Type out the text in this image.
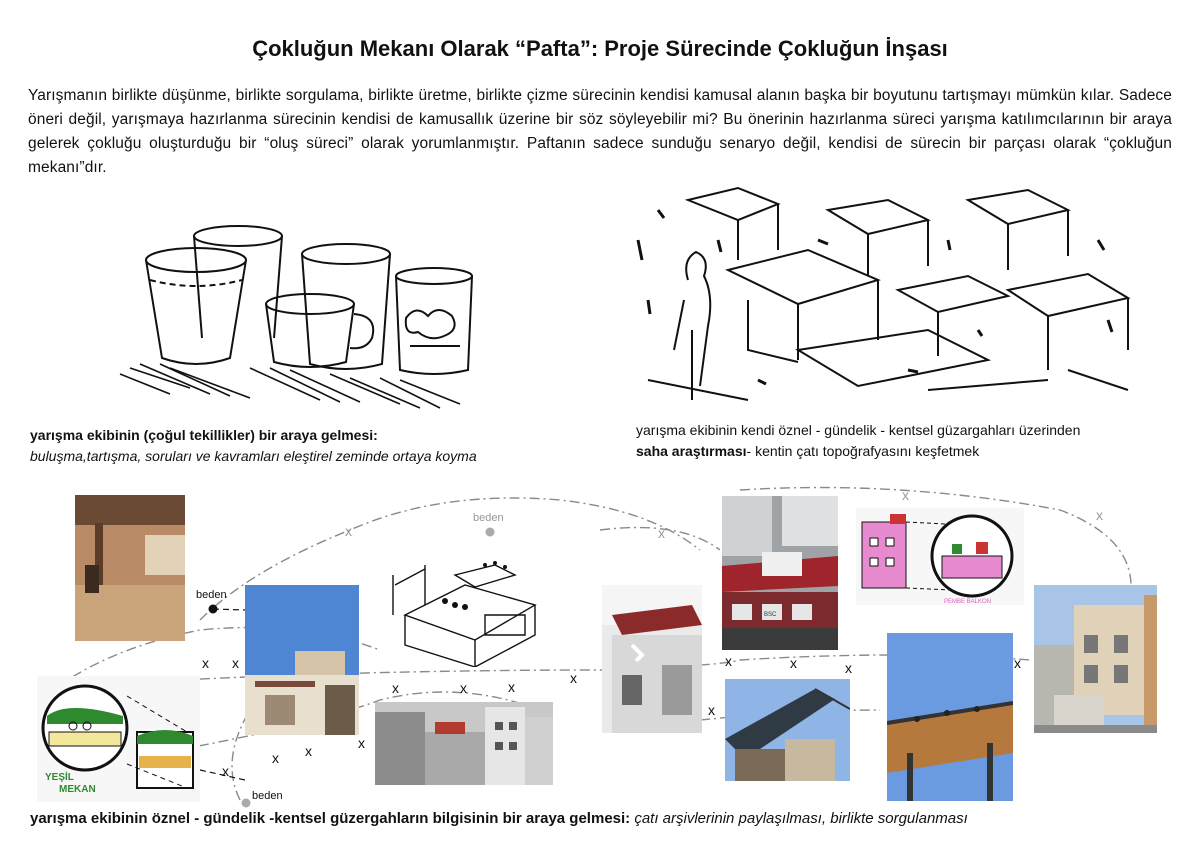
Çokluğun Mekanı Olarak “Pafta”: Proje Sürecinde Çokluğun İnşası
Yarışmanın birlikte düşünme, birlikte sorgulama, birlikte üretme, birlikte çizme sürecinin kendisi kamusal alanın başka bir boyutunu tartışmayı mümkün kılar. Sadece öneri değil, yarışmaya hazırlanma sürecinin kendisi de kamusallık üzerine bir söz söyleyebilir mi? Bu önerinin hazırlanma süreci yarışma katılımcılarının bir araya gelerek çokluğu oluşturduğu bir “oluş süreci” olarak yorumlanmıştır. Paftanın sadece sunduğu senaryo değil, kendisi de sürecin bir parçası olarak “çokluğun mekanı”dır.
yarışma ekibinin (çoğul tekillikler) bir araya gelmesi:
buluşma,tartışma, soruları ve kavramları eleştirel zeminde ortaya koyma
yarışma ekibinin kendi öznel - gündelik - kentsel güzargahları üzerinden
saha araştırması- kentin çatı topoğrafyasını keşfetmek
x x
x	x	x
x
x
x	x	x	x
x
x x	x
x	x
x
x
beden
beden
beden
YEŞİL
MEKAN
BSC
PEMBE BALKON
yarışma ekibinin öznel - gündelik -kentsel güzergahların bilgisinin bir araya gelmesi: çatı arşivlerinin paylaşılması, birlikte sorgulanması
